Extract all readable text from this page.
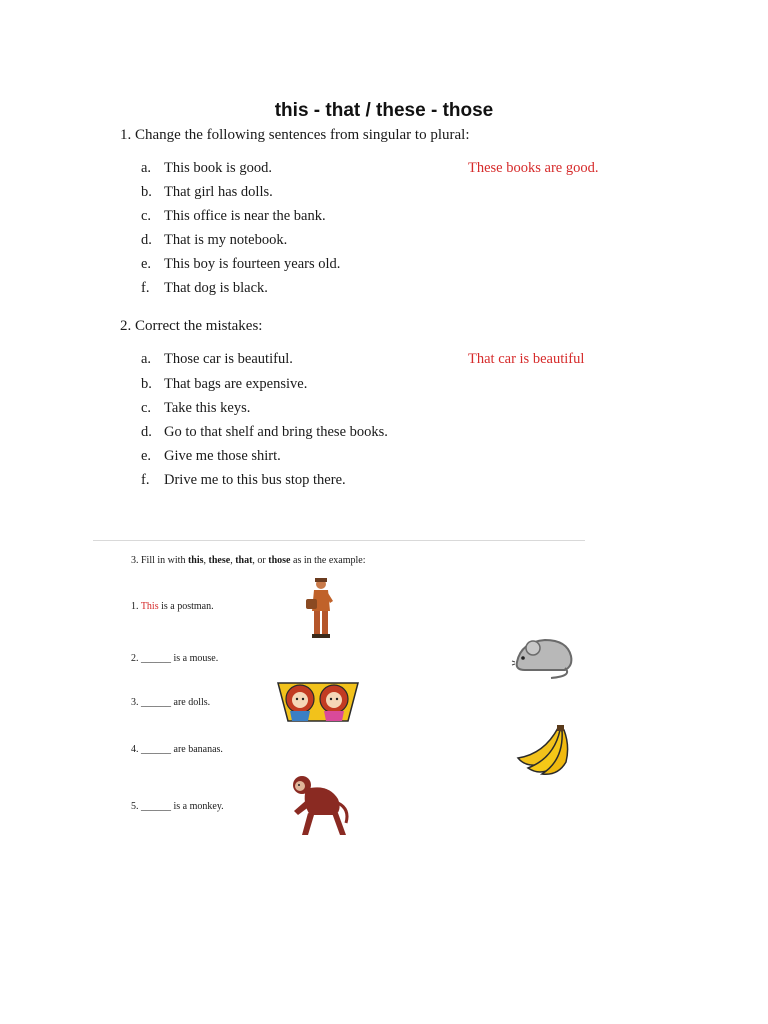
this - that / these - those
1. Change the following sentences from singular to plural:
a. This book is good.	These books are good.
b. That girl has dolls.
c. This office is near the bank.
d. That is my notebook.
e. This boy is fourteen years old.
f. That dog is black.
2. Correct the mistakes:
a. Those car is beautiful.	That car is beautiful
b. That bags are expensive.
c. Take this keys.
d. Go to that shelf and bring these books.
e. Give me those shirt.
f. Drive me to this bus stop there.
3. Fill in with this, these, that, or those as in the example:
1. This is a postman.
2. ______ is a mouse.
3. ______ are dolls.
4. ______ are bananas.
5. ______ is a monkey.
